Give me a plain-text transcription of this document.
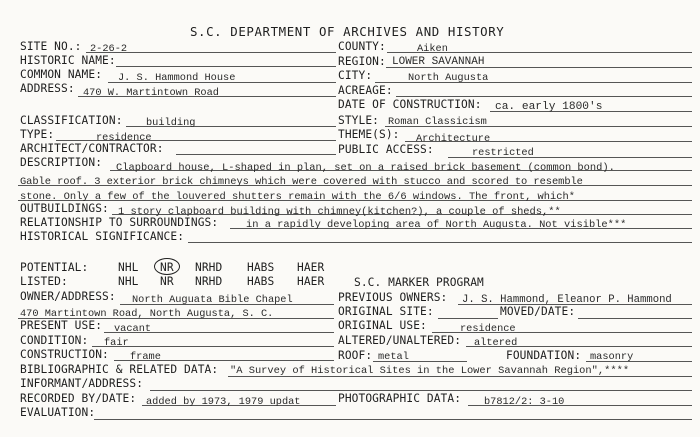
S.C. DEPARTMENT OF ARCHIVES AND HISTORY
SITE NO.: 2-26-2
HISTORIC NAME:
COMMON NAME: J. S. Hammond House
ADDRESS: 470 W. Martintown Road
COUNTY:	Aiken
REGION: LOWER SAVANNAH
CITY:	North Augusta
ACREAGE:
DATE OF CONSTRUCTION: ca. early 1800's
CLASSIFICATION: building
TYPE:	residence
ARCHITECT/CONTRACTOR:
STYLE: Roman Classicism
THEME(S): Architecture
PUBLIC ACCESS:	restricted
DESCRIPTION: Clapboard house, L-shaped in plan, set on a raised brick basement (common bond).
Gable roof. 3 exterior brick chimneys which were covered with stucco and scored to resemble
stone. Only a few of the louvered shutters remain with the 6/6 windows. The front, which*
OUTBUILDINGS: 1 story clapboard building with chimney(kitchen?), a couple of sheds,**
RELATIONSHIP TO SURROUNDINGS:	in a rapidly developing area of North Augusta. Not visible***
HISTORICAL SIGNIFICANCE:
POTENTIAL:	NHL NR NRHD HABS HAER
LISTED:	NHL NR NRHD HABS HAER	S.C. MARKER PROGRAM
OWNER/ADDRESS: North Auguata Bible Chapel
470 Martintown Road, North Augusta, S. C.
PREVIOUS OWNERS: J. S. Hammond, Eleanor P. Hammond
ORIGINAL SITE:	MOVED/DATE:
PRESENT USE: vacant	ORIGINAL USE:	residence
CONDITION: fair	ALTERED/UNALTERED: altered
CONSTRUCTION: frame	ROOF: metal	FOUNDATION: masonry
BIBLIOGRAPHIC & RELATED DATA: "A Survey of Historical Sites in the Lower Savannah Region",****
INFORMANT/ADDRESS:
RECORDED BY/DATE: added by 1973, 1979 updat	PHOTOGRAPHIC DATA: b7812/2: 3-10
EVALUATION:
